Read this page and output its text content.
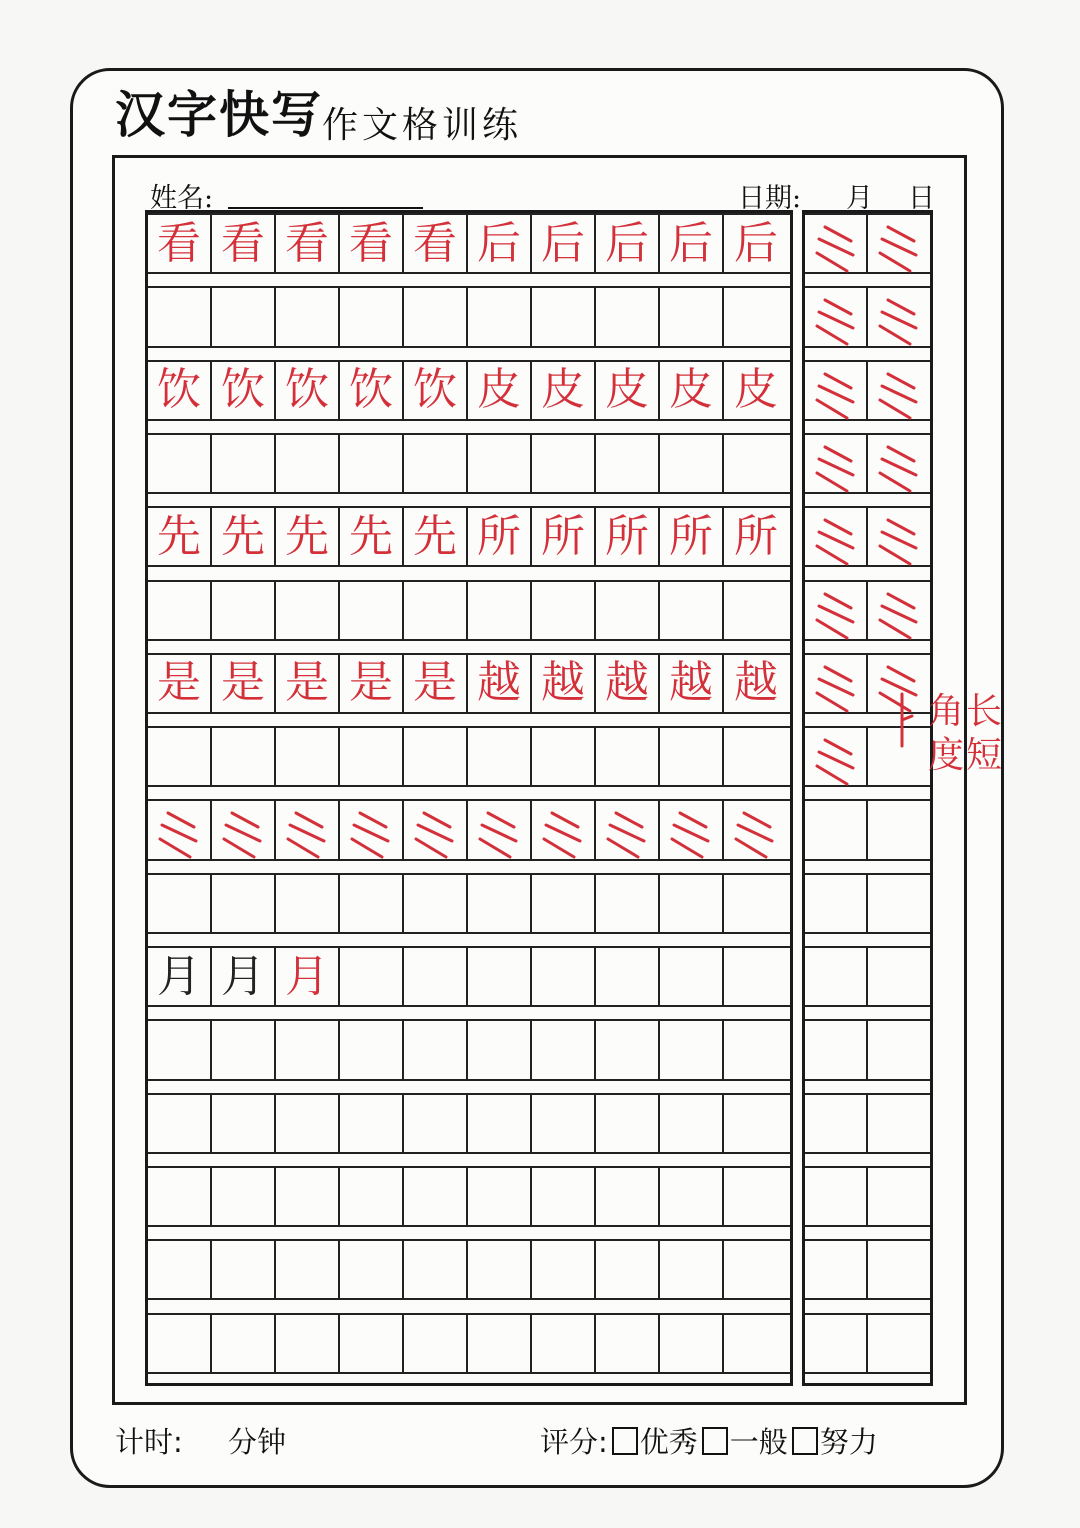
汉字快写 作文格训练
姓名:	日期: 月 日
看 看 看 看 看 后 后 后 后 后
饮 饮 饮 饮 饮 皮 皮 皮 皮 皮
先 先 先 先 先 所 所 所 所 所
是 是 是 是 是 越 越 越 越 越
月 月 月
角长
度短
计时: 分钟	评分: 优秀 一般 努力
